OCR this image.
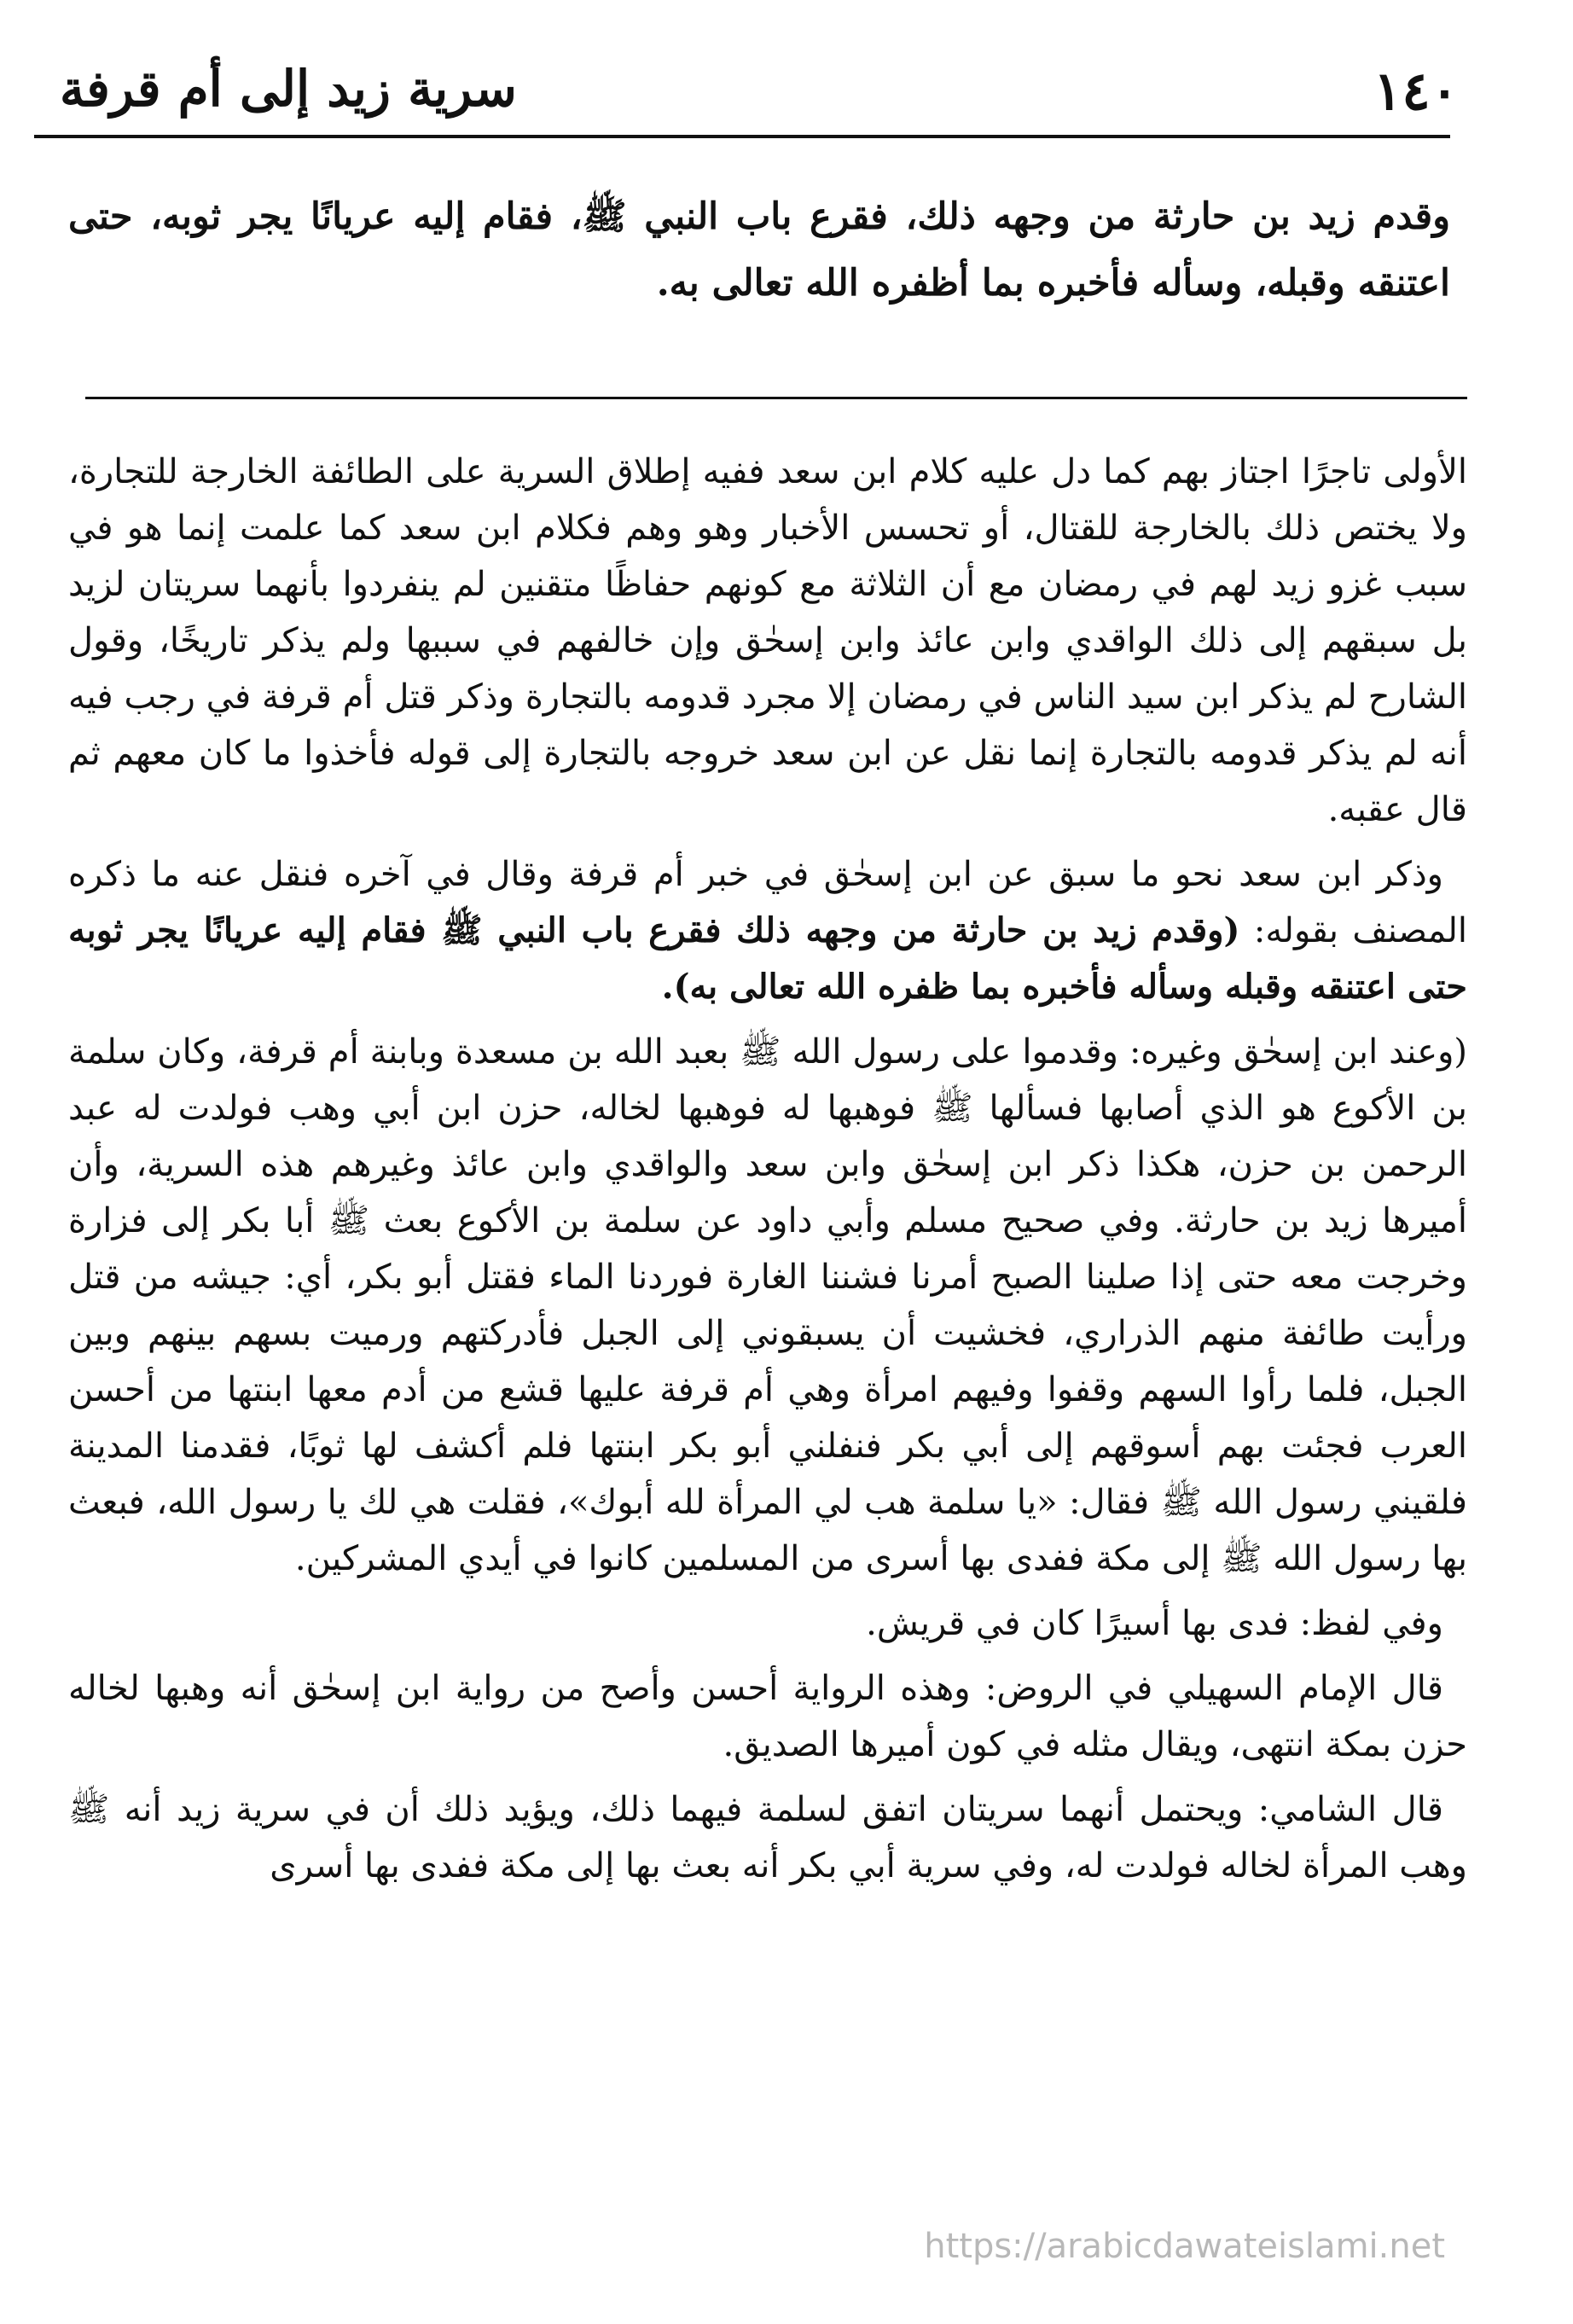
١٤٠
سرية زيد إلى أم قرفة

وقدم زيد بن حارثة من وجهه ذلك، فقرع باب النبي ﷺ، فقام إليه عريانًا يجر ثوبه، حتى اعتنقه وقبله، وسأله فأخبره بما أظفره الله تعالى به.

الأولى تاجرًا اجتاز بهم كما دل عليه كلام ابن سعد ففيه إطلاق السرية على الطائفة الخارجة للتجارة، ولا يختص ذلك بالخارجة للقتال، أو تحسس الأخبار وهو وهم فكلام ابن سعد كما علمت إنما هو في سبب غزو زيد لهم في رمضان مع أن الثلاثة مع كونهم حفاظًا متقنين لم ينفردوا بأنهما سريتان لزيد بل سبقهم إلى ذلك الواقدي وابن عائذ وابن إسحٰق وإن خالفهم في سببها ولم يذكر تاريخًا، وقول الشارح لم يذكر ابن سيد الناس في رمضان إلا مجرد قدومه بالتجارة وذكر قتل أم قرفة في رجب فيه أنه لم يذكر قدومه بالتجارة إنما نقل عن ابن سعد خروجه بالتجارة إلى قوله فأخذوا ما كان معهم ثم قال عقبه.

وذكر ابن سعد نحو ما سبق عن ابن إسحٰق في خبر أم قرفة وقال في آخره فنقل عنه ما ذكره المصنف بقوله: (وقدم زيد بن حارثة من وجهه ذلك فقرع باب النبي ﷺ فقام إليه عريانًا يجر ثوبه حتى اعتنقه وقبله وسأله فأخبره بما ظفره الله تعالى به).

(وعند ابن إسحٰق وغيره: وقدموا على رسول الله ﷺ بعبد الله بن مسعدة وبابنة أم قرفة، وكان سلمة بن الأكوع هو الذي أصابها فسألها ﷺ فوهبها له فوهبها لخاله، حزن ابن أبي وهب فولدت له عبد الرحمن بن حزن، هكذا ذكر ابن إسحٰق وابن سعد والواقدي وابن عائذ وغيرهم هذه السرية، وأن أميرها زيد بن حارثة. وفي صحيح مسلم وأبي داود عن سلمة بن الأكوع بعث ﷺ أبا بكر إلى فزارة وخرجت معه حتى إذا صلينا الصبح أمرنا فشننا الغارة فوردنا الماء فقتل أبو بكر، أي: جيشه من قتل ورأيت طائفة منهم الذراري، فخشيت أن يسبقوني إلى الجبل فأدركتهم ورميت بسهم بينهم وبين الجبل، فلما رأوا السهم وقفوا وفيهم امرأة وهي أم قرفة عليها قشع من أدم معها ابنتها من أحسن العرب فجئت بهم أسوقهم إلى أبي بكر فنفلني أبو بكر ابنتها فلم أكشف لها ثوبًا، فقدمنا المدينة فلقيني رسول الله ﷺ فقال: «يا سلمة هب لي المرأة لله أبوك»، فقلت هي لك يا رسول الله، فبعث بها رسول الله ﷺ إلى مكة ففدى بها أسرى من المسلمين كانوا في أيدي المشركين.

وفي لفظ: فدى بها أسيرًا كان في قريش.

قال الإمام السهيلي في الروض: وهذه الرواية أحسن وأصح من رواية ابن إسحٰق أنه وهبها لخاله حزن بمكة انتهى، ويقال مثله في كون أميرها الصديق.

قال الشامي: ويحتمل أنهما سريتان اتفق لسلمة فيهما ذلك، ويؤيد ذلك أن في سرية زيد أنه ﷺ وهب المرأة لخاله فولدت له، وفي سرية أبي بكر أنه بعث بها إلى مكة ففدى بها أسرى

https://arabicdawateislami.net
